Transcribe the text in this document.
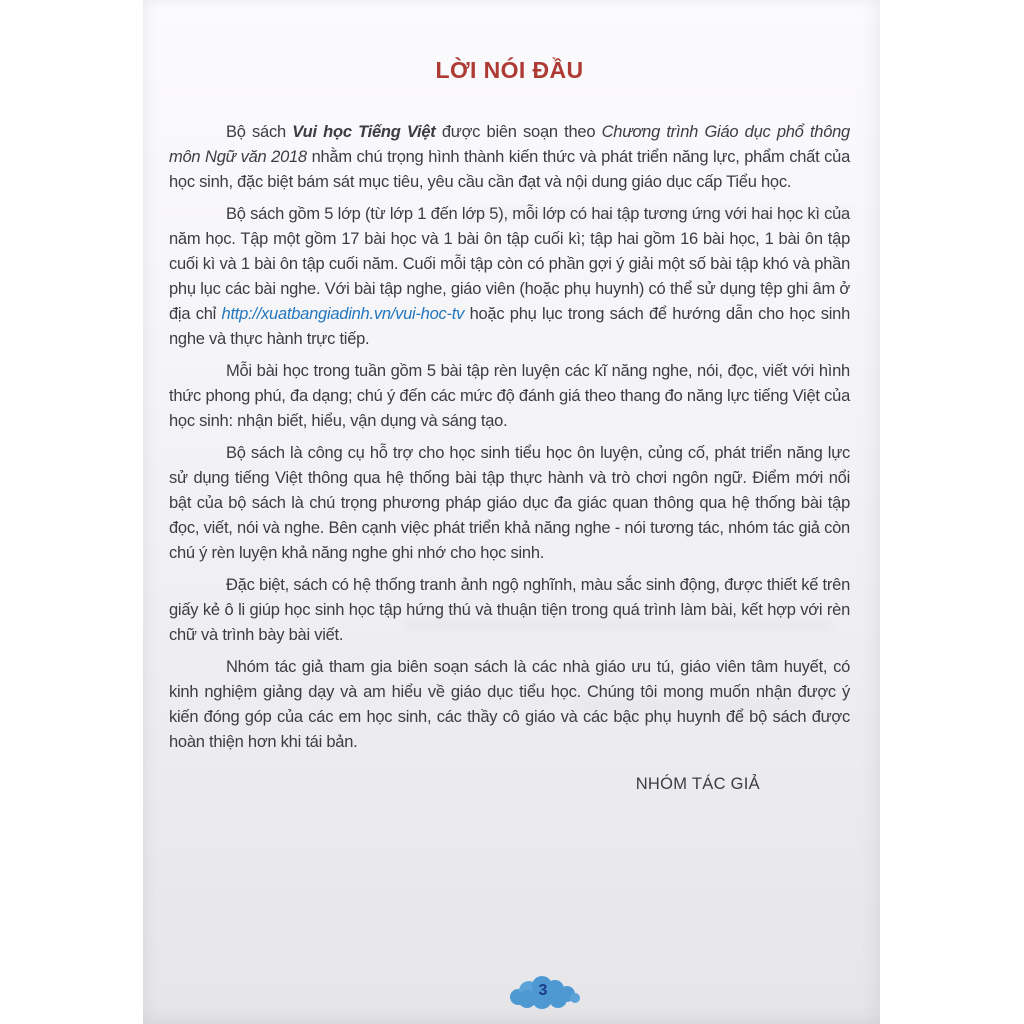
LỜI NÓI ĐẦU

Bộ sách Vui học Tiếng Việt được biên soạn theo Chương trình Giáo dục phổ thông môn Ngữ văn 2018 nhằm chú trọng hình thành kiến thức và phát triển năng lực, phẩm chất của học sinh, đặc biệt bám sát mục tiêu, yêu cầu cần đạt và nội dung giáo dục cấp Tiểu học.

Bộ sách gồm 5 lớp (từ lớp 1 đến lớp 5), mỗi lớp có hai tập tương ứng với hai học kì của năm học. Tập một gồm 17 bài học và 1 bài ôn tập cuối kì; tập hai gồm 16 bài học, 1 bài ôn tập cuối kì và 1 bài ôn tập cuối năm. Cuối mỗi tập còn có phần gợi ý giải một số bài tập khó và phần phụ lục các bài nghe. Với bài tập nghe, giáo viên (hoặc phụ huynh) có thể sử dụng tệp ghi âm ở địa chỉ http://xuatbangiadinh.vn/vui-hoc-tv hoặc phụ lục trong sách để hướng dẫn cho học sinh nghe và thực hành trực tiếp.

Mỗi bài học trong tuần gồm 5 bài tập rèn luyện các kĩ năng nghe, nói, đọc, viết với hình thức phong phú, đa dạng; chú ý đến các mức độ đánh giá theo thang đo năng lực tiếng Việt của học sinh: nhận biết, hiểu, vận dụng và sáng tạo.

Bộ sách là công cụ hỗ trợ cho học sinh tiểu học ôn luyện, củng cố, phát triển năng lực sử dụng tiếng Việt thông qua hệ thống bài tập thực hành và trò chơi ngôn ngữ. Điểm mới nổi bật của bộ sách là chú trọng phương pháp giáo dục đa giác quan thông qua hệ thống bài tập đọc, viết, nói và nghe. Bên cạnh việc phát triển khả năng nghe - nói tương tác, nhóm tác giả còn chú ý rèn luyện khả năng nghe ghi nhớ cho học sinh.

Đặc biệt, sách có hệ thống tranh ảnh ngộ nghĩnh, màu sắc sinh động, được thiết kế trên giấy kẻ ô li giúp học sinh học tập hứng thú và thuận tiện trong quá trình làm bài, kết hợp với rèn chữ và trình bày bài viết.

Nhóm tác giả tham gia biên soạn sách là các nhà giáo ưu tú, giáo viên tâm huyết, có kinh nghiệm giảng dạy và am hiểu về giáo dục tiểu học. Chúng tôi mong muốn nhận được ý kiến đóng góp của các em học sinh, các thầy cô giáo và các bậc phụ huynh để bộ sách được hoàn thiện hơn khi tái bản.

NHÓM TÁC GIẢ
3
